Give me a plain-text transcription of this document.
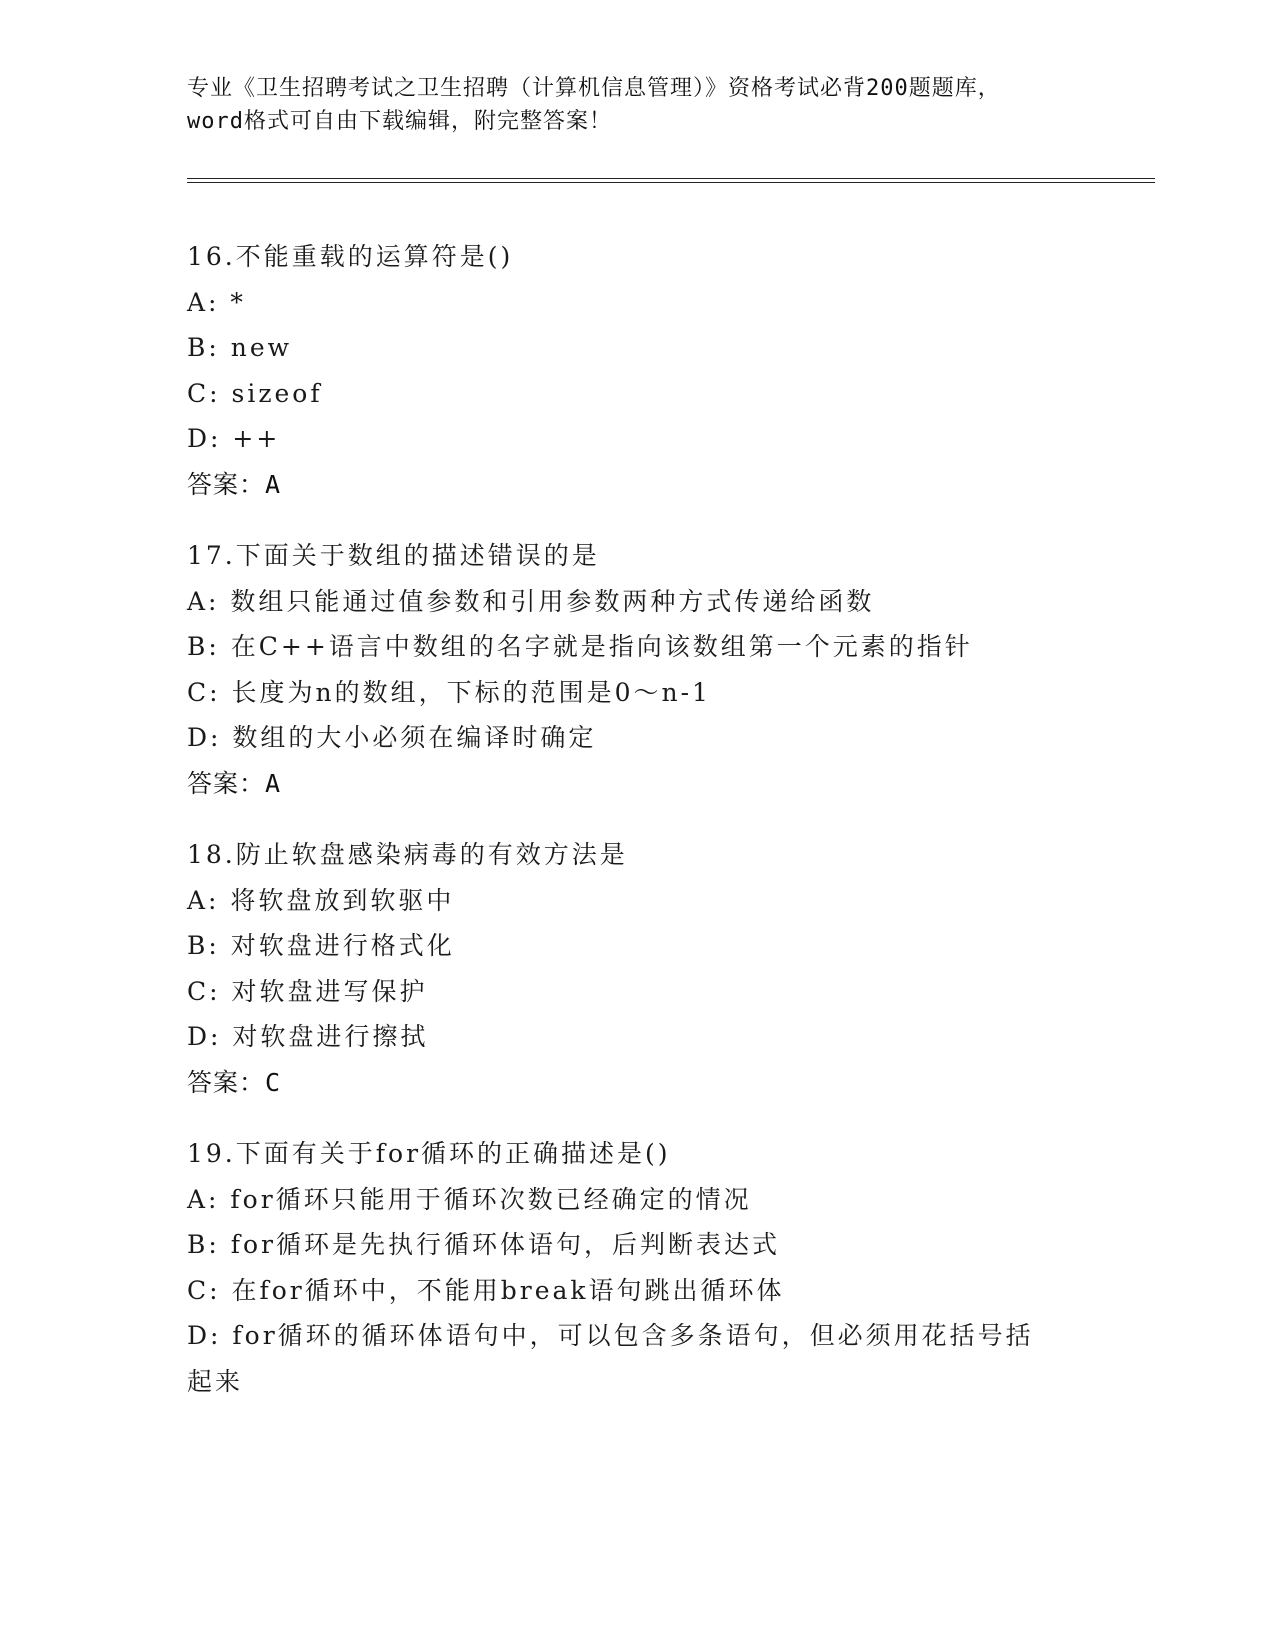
专业《卫生招聘考试之卫生招聘（计算机信息管理）》资格考试必背200题题库，
word格式可自由下载编辑，附完整答案！
16.不能重载的运算符是()
A: *
B: new
C: sizeof
D: ++
答案：A
17.下面关于数组的描述错误的是
A: 数组只能通过值参数和引用参数两种方式传递给函数
B: 在C++语言中数组的名字就是指向该数组第一个元素的指针
C: 长度为n的数组，下标的范围是0～n-1
D: 数组的大小必须在编译时确定
答案：A
18.防止软盘感染病毒的有效方法是
A: 将软盘放到软驱中
B: 对软盘进行格式化
C: 对软盘进写保护
D: 对软盘进行擦拭
答案：C
19.下面有关于for循环的正确描述是()
A: for循环只能用于循环次数已经确定的情况
B: for循环是先执行循环体语句，后判断表达式
C: 在for循环中，不能用break语句跳出循环体
D: for循环的循环体语句中，可以包含多条语句，但必须用花括号括
起来
